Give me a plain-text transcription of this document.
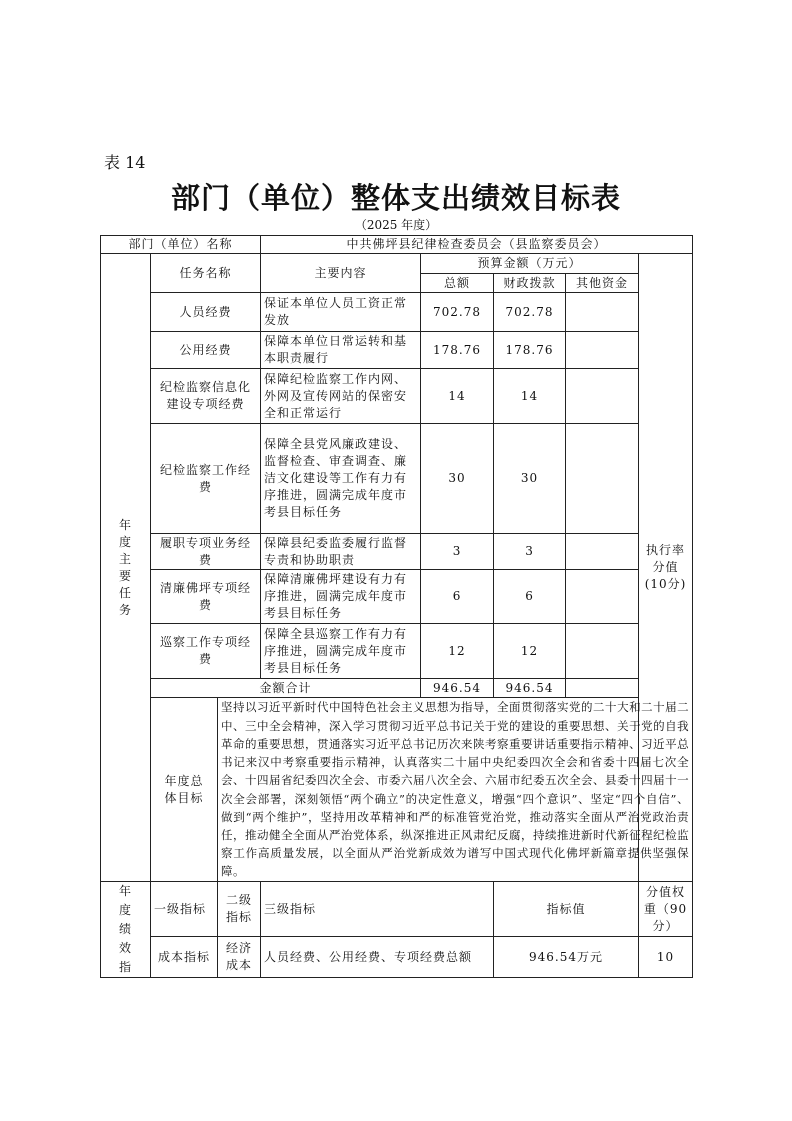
表 14
部门（单位）整体支出绩效目标表
（2025 年度）
部门（单位）名称			中共佛坪县纪律检查委员会（县监察委员会）				
年度主要任务	任务名称		主要内容	预算金额（万元）			执行率分值(10分)
				总额	财政拨款	其他资金	
	人员经费		保证本单位人员工资正常发放	702.78	702.78		
	公用经费		保障本单位日常运转和基本职责履行	178.76	178.76		
	纪检监察信息化建设专项经费		保障纪检监察工作内网、外网及宣传网站的保密安全和正常运行	14	14		
	纪检监察工作经费		保障全县党风廉政建设、监督检查、审查调查、廉洁文化建设等工作有力有序推进，圆满完成年度市考县目标任务	30	30		
	履职专项业务经费		保障县纪委监委履行监督专责和协助职责	3	3		
	清廉佛坪专项经费		保障清廉佛坪建设有力有序推进，圆满完成年度市考县目标任务	6	6		
	巡察工作专项经费		保障全县巡察工作有力有序推进，圆满完成年度市考县目标任务	12	12		
	金额合计			946.54	946.54		
	年度总体目标	坚持以习近平新时代中国特色社会主义思想为指导，全面贯彻落实党的二十大和二十届二中、三中全会精神，深入学习贯彻习近平总书记关于党的建设的重要思想、关于党的自我革命的重要思想，贯通落实习近平总书记历次来陕考察重要讲话重要指示精神、习近平总书记来汉中考察重要指示精神，认真落实二十届中央纪委四次全会和省委十四届七次全会、十四届省纪委四次全会、市委六届八次全会、六届市纪委五次全会、县委十四届十一次全会部署，深刻领悟“两个确立”的决定性意义，增强“四个意识”、坚定“四个自信”、做到“两个维护”，坚持用改革精神和严的标准管党治党，推动落实全面从严治党政治责任，推动健全全面从严治党体系，纵深推进正风肃纪反腐，持续推进新时代新征程纪检监察工作高质量发展，以全面从严治党新成效为谱写中国式现代化佛坪新篇章提供坚强保障。					
年度绩效指	一级指标	二级指标	三级指标		指标值		分值权重（90分）
	成本指标	经济成本	人员经费、公用经费、专项经费总额		946.54万元		10
